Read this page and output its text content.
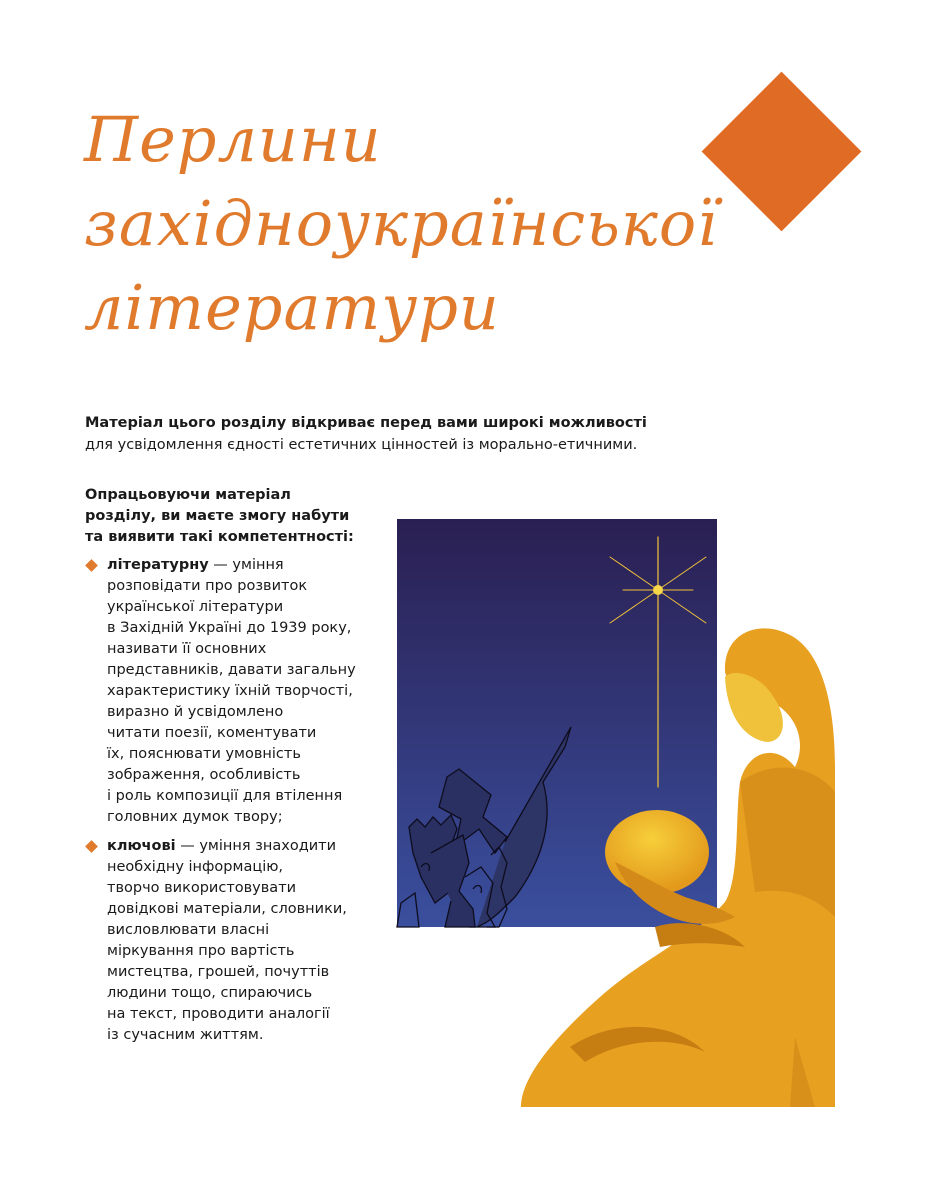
Перлини
західноукраїнської
літератури
Матеріал цього розділу відкриває перед вами широкі можливості
для усвідомлення єдності естетичних цінностей із морально-етичними.
Опрацьовуючи матеріал
розділу, ви маєте змогу набути
та виявити такі компетентності:
літературну — уміння
розповідати про розвиток
української літератури
в Західній Україні до 1939 року,
називати її основних
представників, давати загальну
характеристику їхній творчості,
виразно й усвідомлено
читати поезії, коментувати
їх, пояснювати умовність
зображення, особливість
і роль композиції для втілення
головних думок твору;
ключові — уміння знаходити
необхідну інформацію,
творчо використовувати
довідкові матеріали, словники,
висловлювати власні
міркування про вартість
мистецтва, грошей, почуттів
людини тощо, спираючись
на текст, проводити аналогії
із сучасним життям.
